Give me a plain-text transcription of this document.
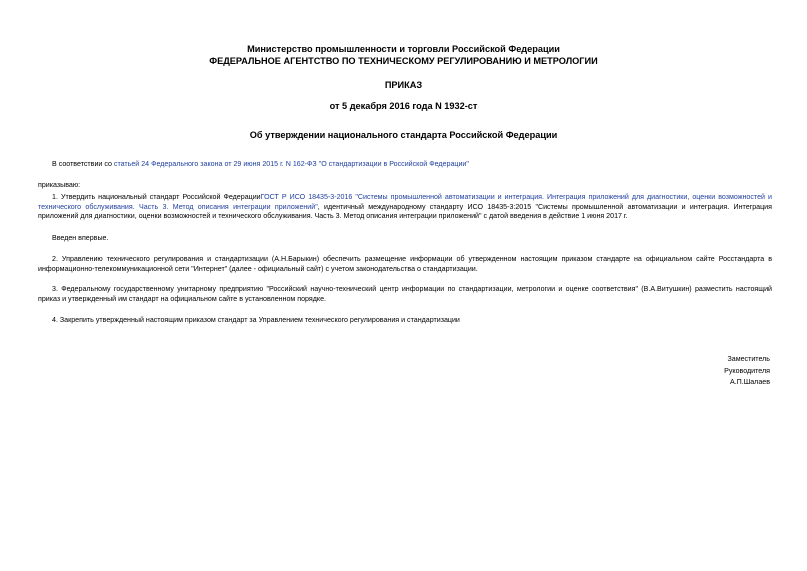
Министерство промышленности и торговли Российской Федерации
ФЕДЕРАЛЬНОЕ АГЕНТСТВО ПО ТЕХНИЧЕСКОМУ РЕГУЛИРОВАНИЮ И МЕТРОЛОГИИ
ПРИКАЗ
от 5 декабря 2016 года N 1932-ст
Об утверждении национального стандарта Российской Федерации
В соответствии со статьей 24 Федерального закона от 29 июня 2015 г. N 162-ФЗ "О стандартизации в Российской Федерации"
приказываю:
1. Утвердить национальный стандарт Российской ФедерацииГОСТ Р ИСО 18435-3-2016 "Системы промышленной автоматизации и интеграция. Интеграция приложений для диагностики, оценки возможностей и технического обслуживания. Часть 3. Метод описания интеграции приложений", идентичный международному стандарту ИСО 18435-3:2015 "Системы промышленной автоматизации и интеграция. Интеграция приложений для диагностики, оценки возможностей и технического обслуживания. Часть 3. Метод описания интеграции приложений" с датой введения в действие 1 июня 2017 г.
Введен впервые.
2. Управлению технического регулирования и стандартизации (А.Н.Барыкин) обеспечить размещение информации об утвержденном настоящим приказом стандарте на официальном сайте Росстандарта в информационно-телекоммуникационной сети "Интернет" (далее - официальный сайт) с учетом законодательства о стандартизации.
3. Федеральному государственному унитарному предприятию "Российский научно-технический центр информации по стандартизации, метрологии и оценке соответствия" (В.А.Витушкин) разместить настоящий приказ и утвержденный им стандарт на официальном сайте в установленном порядке.
4. Закрепить утвержденный настоящим приказом стандарт за Управлением технического регулирования и стандартизации
Заместитель
Руководителя
А.П.Шалаев
